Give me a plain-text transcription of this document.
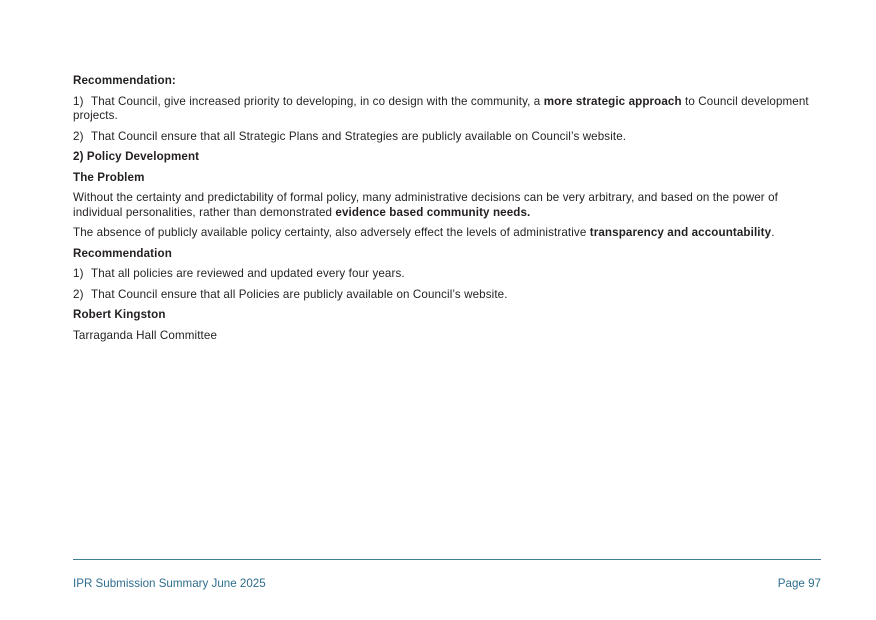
Recommendation:

1) That Council, give increased priority to developing, in co design with the community, a more strategic approach to Council development projects.

2) That Council ensure that all Strategic Plans and Strategies are publicly available on Council’s website.

2) Policy Development

The Problem

Without the certainty and predictability of formal policy, many administrative decisions can be very arbitrary, and based on the power of individual personalities, rather than demonstrated evidence based community needs.

The absence of publicly available policy certainty, also adversely effect the levels of administrative transparency and accountability.

Recommendation

1) That all policies are reviewed and updated every four years.

2) That Council ensure that all Policies are publicly available on Council’s website.

Robert Kingston

Tarraganda Hall Committee

IPR Submission Summary June 2025	Page 97
